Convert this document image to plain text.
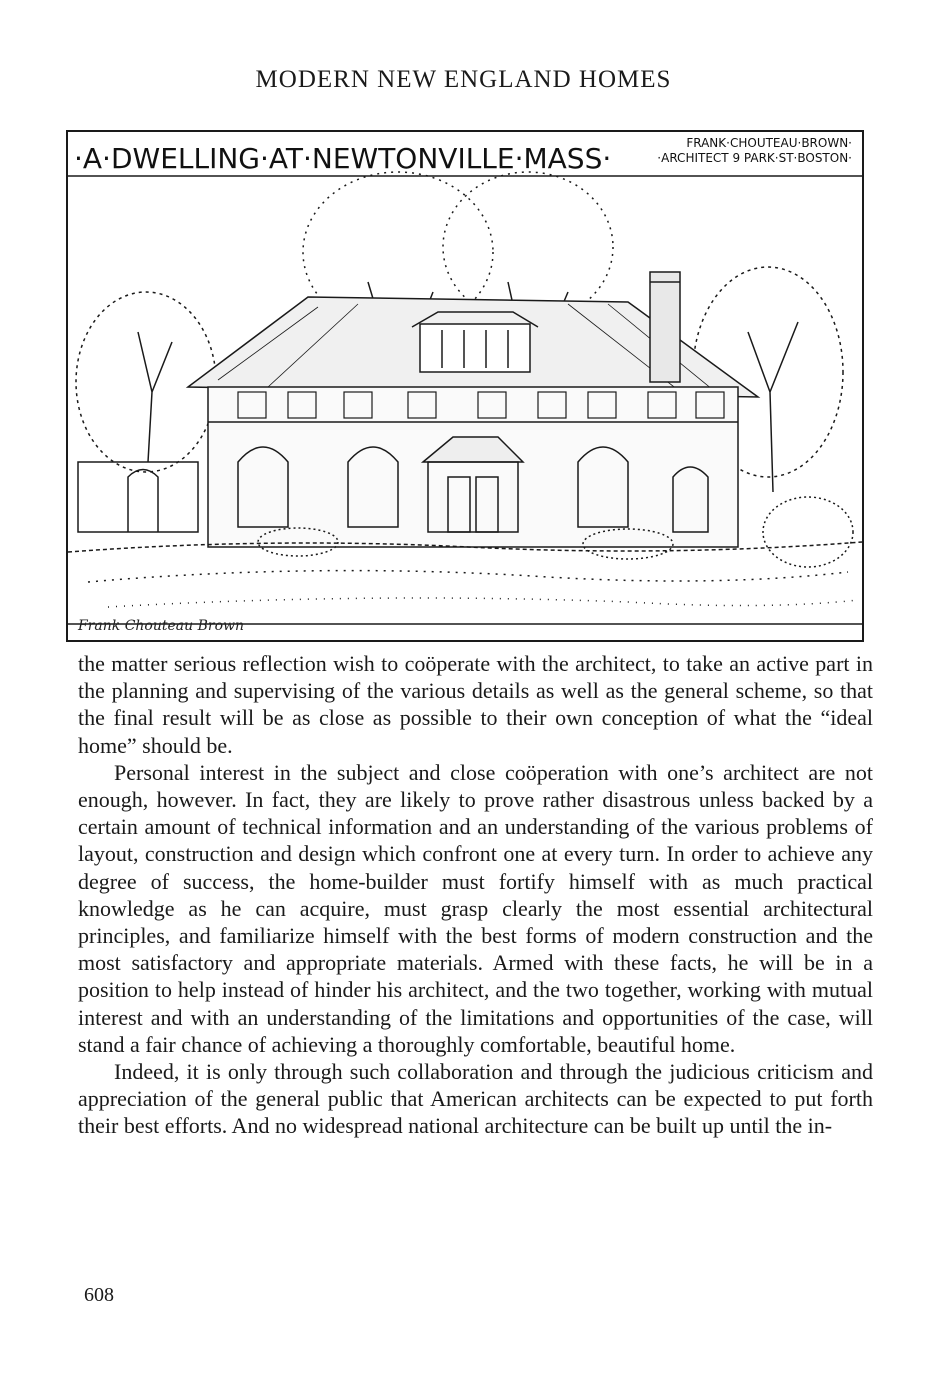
MODERN NEW ENGLAND HOMES
·A·DWELLING·AT·NEWTONVILLE·MASS·	FRANK·CHOUTEAU·BROWN·
·ARCHITECT 9 PARK·ST·BOSTON·
Frank Chouteau Brown

the matter serious reflection wish to coöperate with the architect, to take an active part in the planning and supervising of the various details as well as the general scheme, so that the final result will be as close as possible to their own conception of what the “ideal home” should be.

Personal interest in the subject and close coöperation with one’s architect are not enough, however. In fact, they are likely to prove rather disastrous unless backed by a certain amount of technical information and an understanding of the various problems of layout, construction and design which confront one at every turn. In order to achieve any degree of success, the home-builder must fortify himself with as much practical knowledge as he can acquire, must grasp clearly the most essential architectural principles, and familiarize himself with the best forms of modern construction and the most satisfactory and appropriate materials. Armed with these facts, he will be in a position to help instead of hinder his architect, and the two together, working with mutual interest and with an understanding of the limitations and opportunities of the case, will stand a fair chance of achieving a thoroughly comfortable, beautiful home.

Indeed, it is only through such collaboration and through the judicious criticism and appreciation of the general public that American architects can be expected to put forth their best efforts. And no widespread national architecture can be built up until the in-

608
